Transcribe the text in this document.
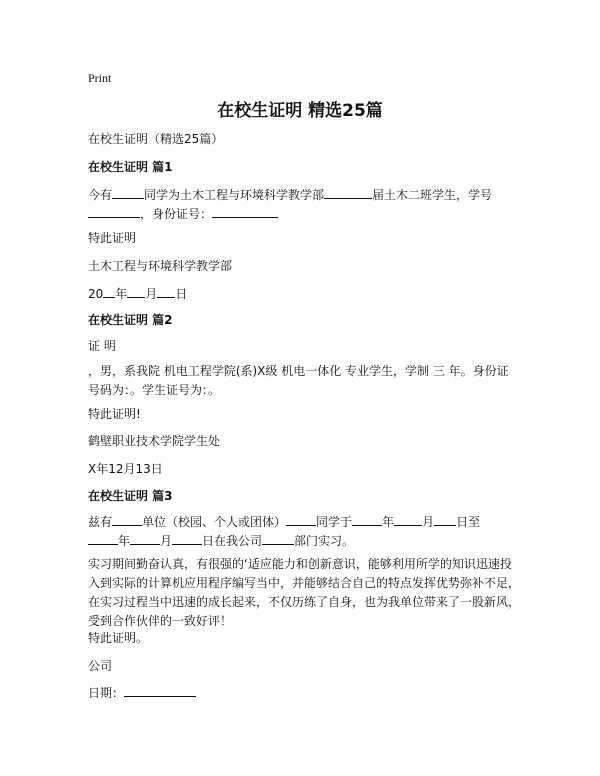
Print
在校生证明 精选25篇
在校生证明（精选25篇）
在校生证明 篇1
今有	同学为土木工程与环境科学教学部	届土木二班学生，学号
，身份证号：
特此证明
土木工程与环境科学教学部
20 年 月 日
在校生证明 篇2
证 明
，男，系我院 机电工程学院(系)X级 机电一体化 专业学生，学制 三 年。身份证号码为：。学生证号为：。
特此证明!
鹤壁职业技术学院学生处
X年12月13日
在校生证明 篇3
兹有	单位（校园、个人或团体）	同学于	年 月 日至
年	月	日在我公司	部门实习。
实习期间勤奋认真，有很强的‘适应能力和创新意识，能够利用所学的知识迅速投入到实际的计算机应用程序编写当中，并能够结合自己的特点发挥优势弥补不足，在实习过程当中迅速的成长起来，不仅历练了自身，也为我单位带来了一股新风，受到合作伙伴的一致好评！
特此证明。
公司
日期：
